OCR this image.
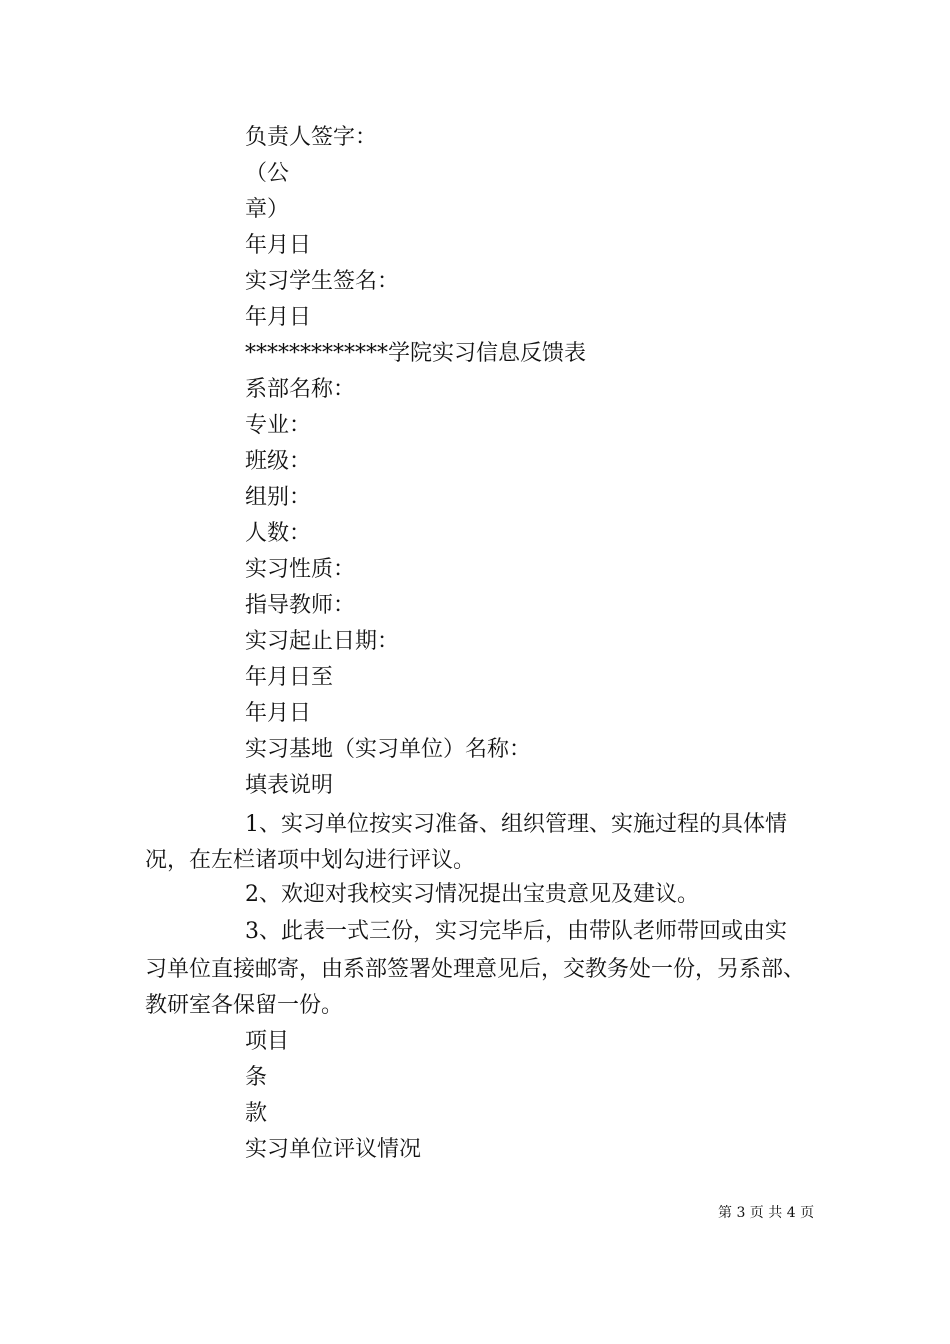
负责人签字：
（公
章）
年月日
实习学生签名：
年月日
*************学院实习信息反馈表
系部名称：
专业：
班级：
组别：
人数：
实习性质：
指导教师：
实习起止日期：
年月日至
年月日
实习基地（实习单位）名称：
填表说明
1、实习单位按实习准备、组织管理、实施过程的具体情
况，在左栏诸项中划勾进行评议。
2、欢迎对我校实习情况提出宝贵意见及建议。
3、此表一式三份，实习完毕后，由带队老师带回或由实
习单位直接邮寄，由系部签署处理意见后，交教务处一份，另系部、
教研室各保留一份。
项目
条
款
实习单位评议情况
第 3 页 共 4 页
